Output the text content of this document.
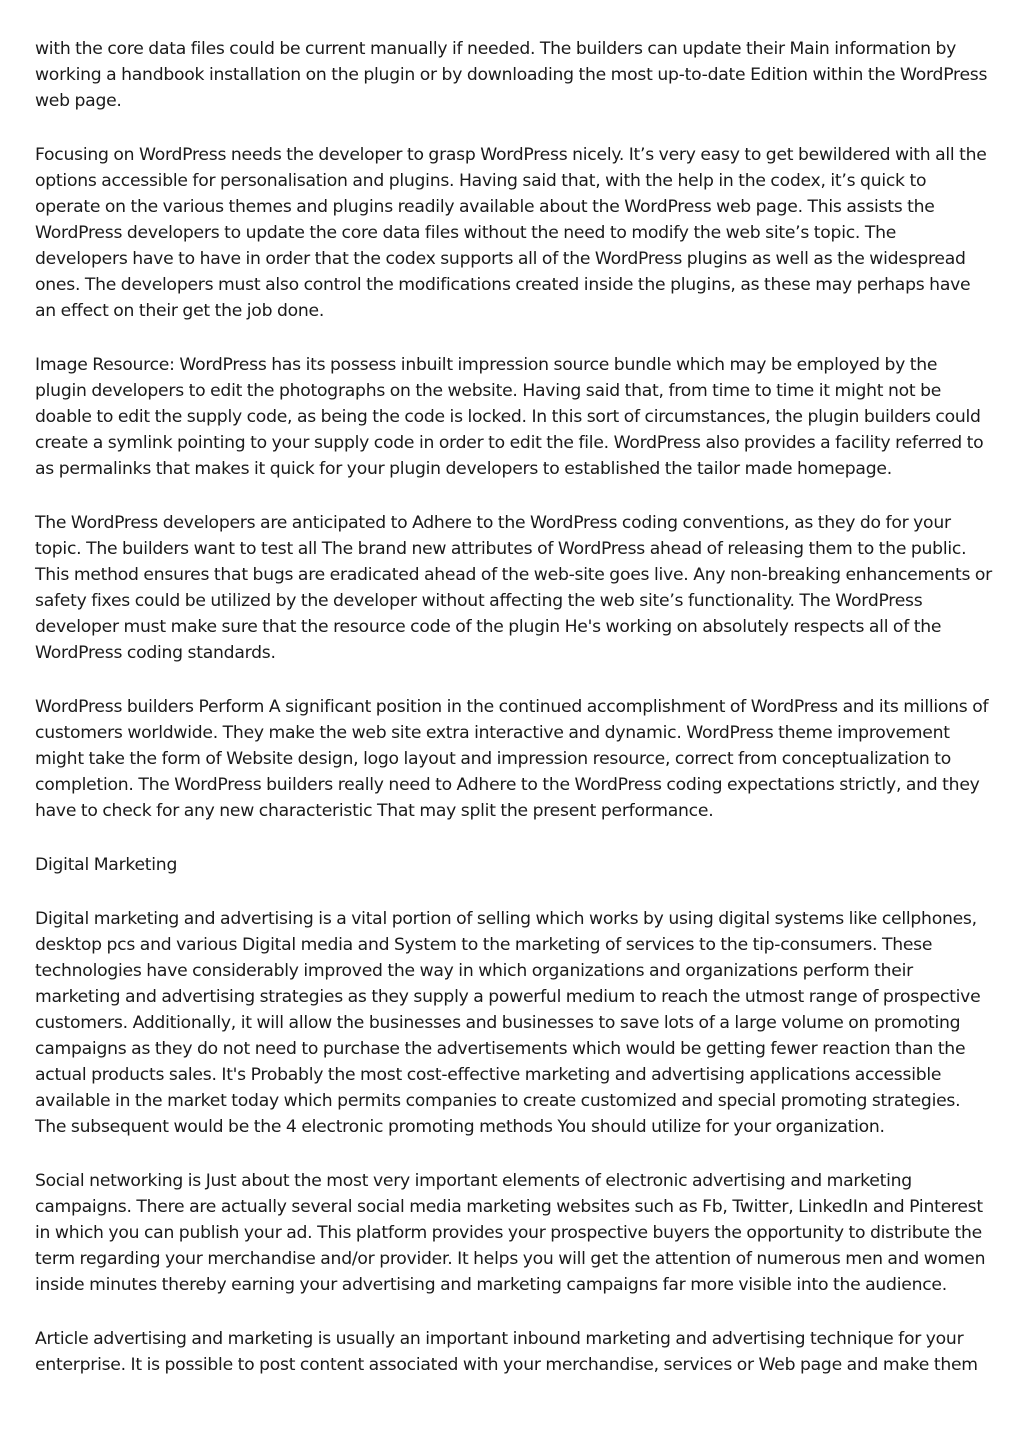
with the core data files could be current manually if needed. The builders can update their Main information by working a handbook installation on the plugin or by downloading the most up-to-date Edition within the WordPress web page.

Focusing on WordPress needs the developer to grasp WordPress nicely. It’s very easy to get bewildered with all the options accessible for personalisation and plugins. Having said that, with the help in the codex, it’s quick to operate on the various themes and plugins readily available about the WordPress web page. This assists the WordPress developers to update the core data files without the need to modify the web site’s topic. The developers have to have in order that the codex supports all of the WordPress plugins as well as the widespread ones. The developers must also control the modifications created inside the plugins, as these may perhaps have an effect on their get the job done.

Image Resource: WordPress has its possess inbuilt impression source bundle which may be employed by the plugin developers to edit the photographs on the website. Having said that, from time to time it might not be doable to edit the supply code, as being the code is locked. In this sort of circumstances, the plugin builders could create a symlink pointing to your supply code in order to edit the file. WordPress also provides a facility referred to as permalinks that makes it quick for your plugin developers to established the tailor made homepage.

The WordPress developers are anticipated to Adhere to the WordPress coding conventions, as they do for your topic. The builders want to test all The brand new attributes of WordPress ahead of releasing them to the public. This method ensures that bugs are eradicated ahead of the web-site goes live. Any non-breaking enhancements or safety fixes could be utilized by the developer without affecting the web site’s functionality. The WordPress developer must make sure that the resource code of the plugin He's working on absolutely respects all of the WordPress coding standards.

WordPress builders Perform A significant position in the continued accomplishment of WordPress and its millions of customers worldwide. They make the web site extra interactive and dynamic. WordPress theme improvement might take the form of Website design, logo layout and impression resource, correct from conceptualization to completion. The WordPress builders really need to Adhere to the WordPress coding expectations strictly, and they have to check for any new characteristic That may split the present performance.

Digital Marketing

Digital marketing and advertising is a vital portion of selling which works by using digital systems like cellphones, desktop pcs and various Digital media and System to the marketing of services to the tip-consumers. These technologies have considerably improved the way in which organizations and organizations perform their marketing and advertising strategies as they supply a powerful medium to reach the utmost range of prospective customers. Additionally, it will allow the businesses and businesses to save lots of a large volume on promoting campaigns as they do not need to purchase the advertisements which would be getting fewer reaction than the actual products sales. It's Probably the most cost-effective marketing and advertising applications accessible available in the market today which permits companies to create customized and special promoting strategies. The subsequent would be the 4 electronic promoting methods You should utilize for your organization.

Social networking is Just about the most very important elements of electronic advertising and marketing campaigns. There are actually several social media marketing websites such as Fb, Twitter, LinkedIn and Pinterest in which you can publish your ad. This platform provides your prospective buyers the opportunity to distribute the term regarding your merchandise and/or provider. It helps you will get the attention of numerous men and women inside minutes thereby earning your advertising and marketing campaigns far more visible into the audience.

Article advertising and marketing is usually an important inbound marketing and advertising technique for your enterprise. It is possible to post content associated with your merchandise, services or Web page and make them
